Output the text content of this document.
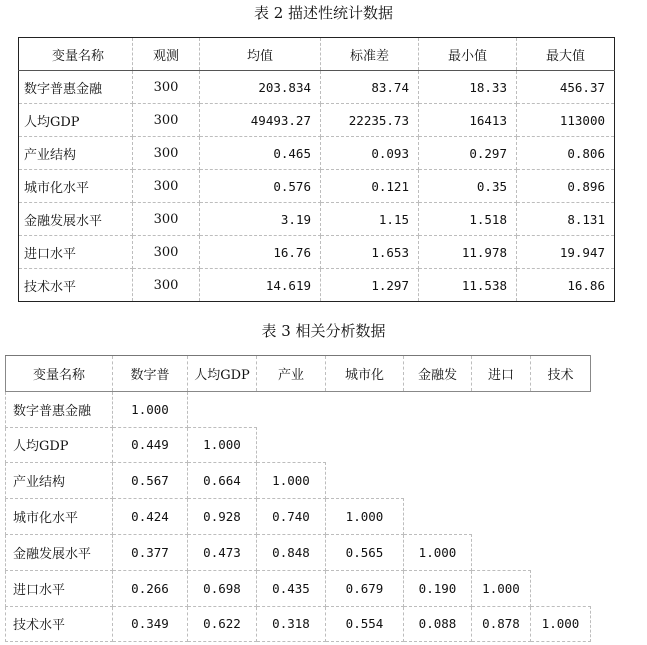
表 2 描述性统计数据
变量名称	观测	均值	标准差	最小值	最大值
数字普惠金融	300	203.834	83.74	18.33	456.37
人均GDP	300	49493.27	22235.73	16413	113000
产业结构	300	0.465	0.093	0.297	0.806
城市化水平	300	0.576	0.121	0.35	0.896
金融发展水平	300	3.19	1.15	1.518	8.131
进口水平	300	16.76	1.653	11.978	19.947
技术水平	300	14.619	1.297	11.538	16.86
表 3 相关分析数据
变量名称	数字普	人均GDP	产业	城市化	金融发	进口	技术
数字普惠金融	1.000						
人均GDP	0.449	1.000					
产业结构	0.567	0.664	1.000				
城市化水平	0.424	0.928	0.740	1.000			
金融发展水平	0.377	0.473	0.848	0.565	1.000		
进口水平	0.266	0.698	0.435	0.679	0.190	1.000	
技术水平	0.349	0.622	0.318	0.554	0.088	0.878	1.000
